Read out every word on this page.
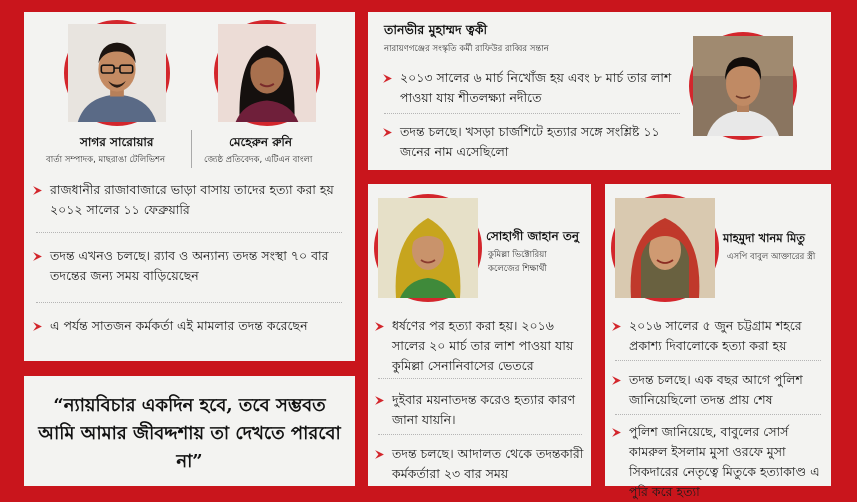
সাগর সারোয়ার
বার্তা সম্পাদক, মাছরাঙা টেলিভিশন
মেহেরুন রুনি
জ্যেষ্ঠ প্রতিবেদক, এটিএন বাংলা
রাজধানীর রাজাবাজারে ভাড়া বাসায় তাদের হত্যা করা হয় ২০১২ সালের ১১ ফেব্রুয়ারি
তদন্ত এখনও চলছে। র‍্যাব ও অন্যান্য তদন্ত সংস্থা ৭০ বার তদন্তের জন্য সময় বাড়িয়েছেন
এ পর্যন্ত সাতজন কর্মকর্তা এই মামলার তদন্ত করেছেন
“ন্যায়বিচার একদিন হবে, তবে সম্ভবত আমি আমার জীবদ্দশায় তা দেখতে পারবো না”
তানভীর মুহাম্মদ ত্বকী
নারায়ণগঞ্জের সংস্কৃতি কর্মী রাফিউর রাব্বির সন্তান
২০১৩ সালের ৬ মার্চ নিখোঁজ হয় এবং ৮ মার্চ তার লাশ পাওয়া যায় শীতলক্ষ্যা নদীতে
তদন্ত চলছে। খসড়া চার্জশিটে হত্যার সঙ্গে সংশ্লিষ্ট ১১ জনের নাম এসেছিলো
সোহাগী জাহান তনু
কুমিল্লা ভিক্টোরিয়া
কলেজের শিক্ষার্থী
ধর্ষণের পর হত্যা করা হয়। ২০১৬ সালের ২০ মার্চ তার লাশ পাওয়া যায় কুমিল্লা সেনানিবাসের ভেতরে
দুইবার ময়নাতদন্ত করেও হত্যার কারণ জানা যায়নি।
তদন্ত চলছে। আদালত থেকে তদন্তকারী কর্মকর্তারা ২৩ বার সময়
মাহমুদা খানম মিতু
এসপি বাবুল আক্তারের স্ত্রী
২০১৬ সালের ৫ জুন চট্টগ্রাম শহরে প্রকাশ্য দিবালোকে হত্যা করা হয়
তদন্ত চলছে। এক বছর আগে পুলিশ জানিয়েছিলো তদন্ত প্রায় শেষ
পুলিশ জানিয়েছে, বাবুলের সোর্স কামরুল ইসলাম মুসা ওরফে মুসা সিকদারের নেতৃত্বে মিতুকে হত্যাকাণ্ড এ পুরি করে হত্যা
